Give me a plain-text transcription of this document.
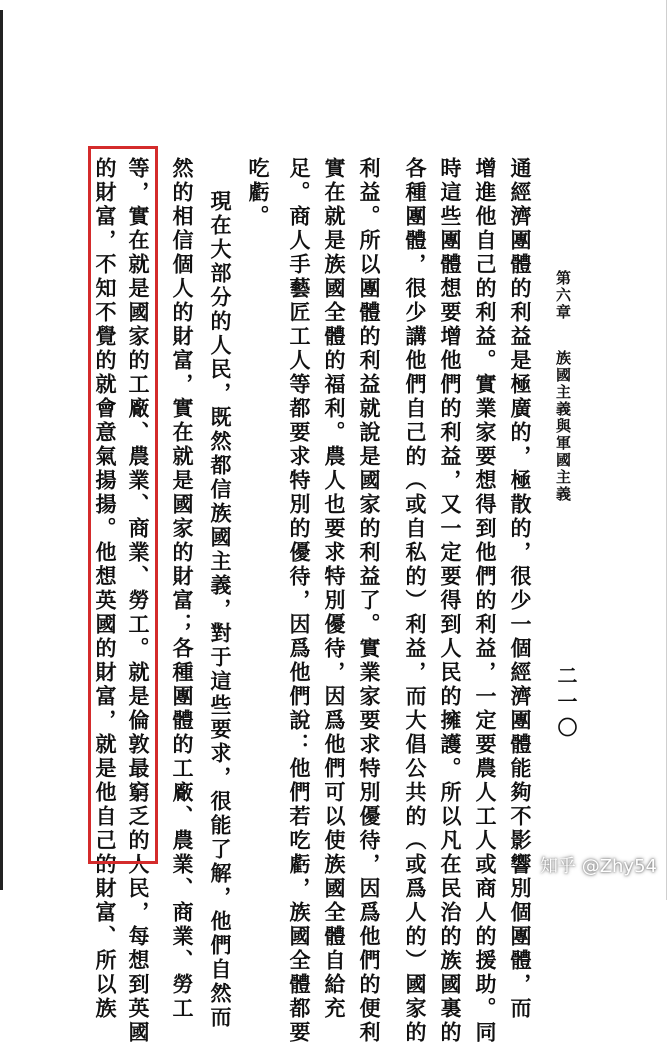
第六章
族國主義與軍國主義
二一〇
通經濟團體的利益是極廣的，極散的，很少一個經濟團體能夠不影響別個團體，而
增進他自己的利益。實業家要想得到他們的利益，一定要農人工人或商人的援助。同
時這些團體想要增他們的利益，又一定要得到人民的擁護。所以凡在民治的族國裏的
各種團體，很少講他們自己的（或自私的）利益，而大倡公共的（或爲人的）國家的
利益。所以團體的利益就說是國家的利益了。實業家要求特別優待，因爲他們的便利
實在就是族國全體的福利。農人也要求特別優待，因爲他們可以使族國全體自給充
足。商人手藝匠工人等都要求特別的優待，因爲他們說：他們若吃虧，族國全體都要
吃虧。
現在大部分的人民，既然都信族國主義，對于這些要求，很能了解，他們自然而
然的相信個人的財富，實在就是國家的財富；各種團體的工廠、農業、商業、勞工
等，實在就是國家的工廠、農業、商業、勞工。就是倫敦最窮乏的人民，每想到英國
的財富，不知不覺的就會意氣揚揚。他想英國的財富，就是他自己的財富、所以族	知乎 @Zhy54
